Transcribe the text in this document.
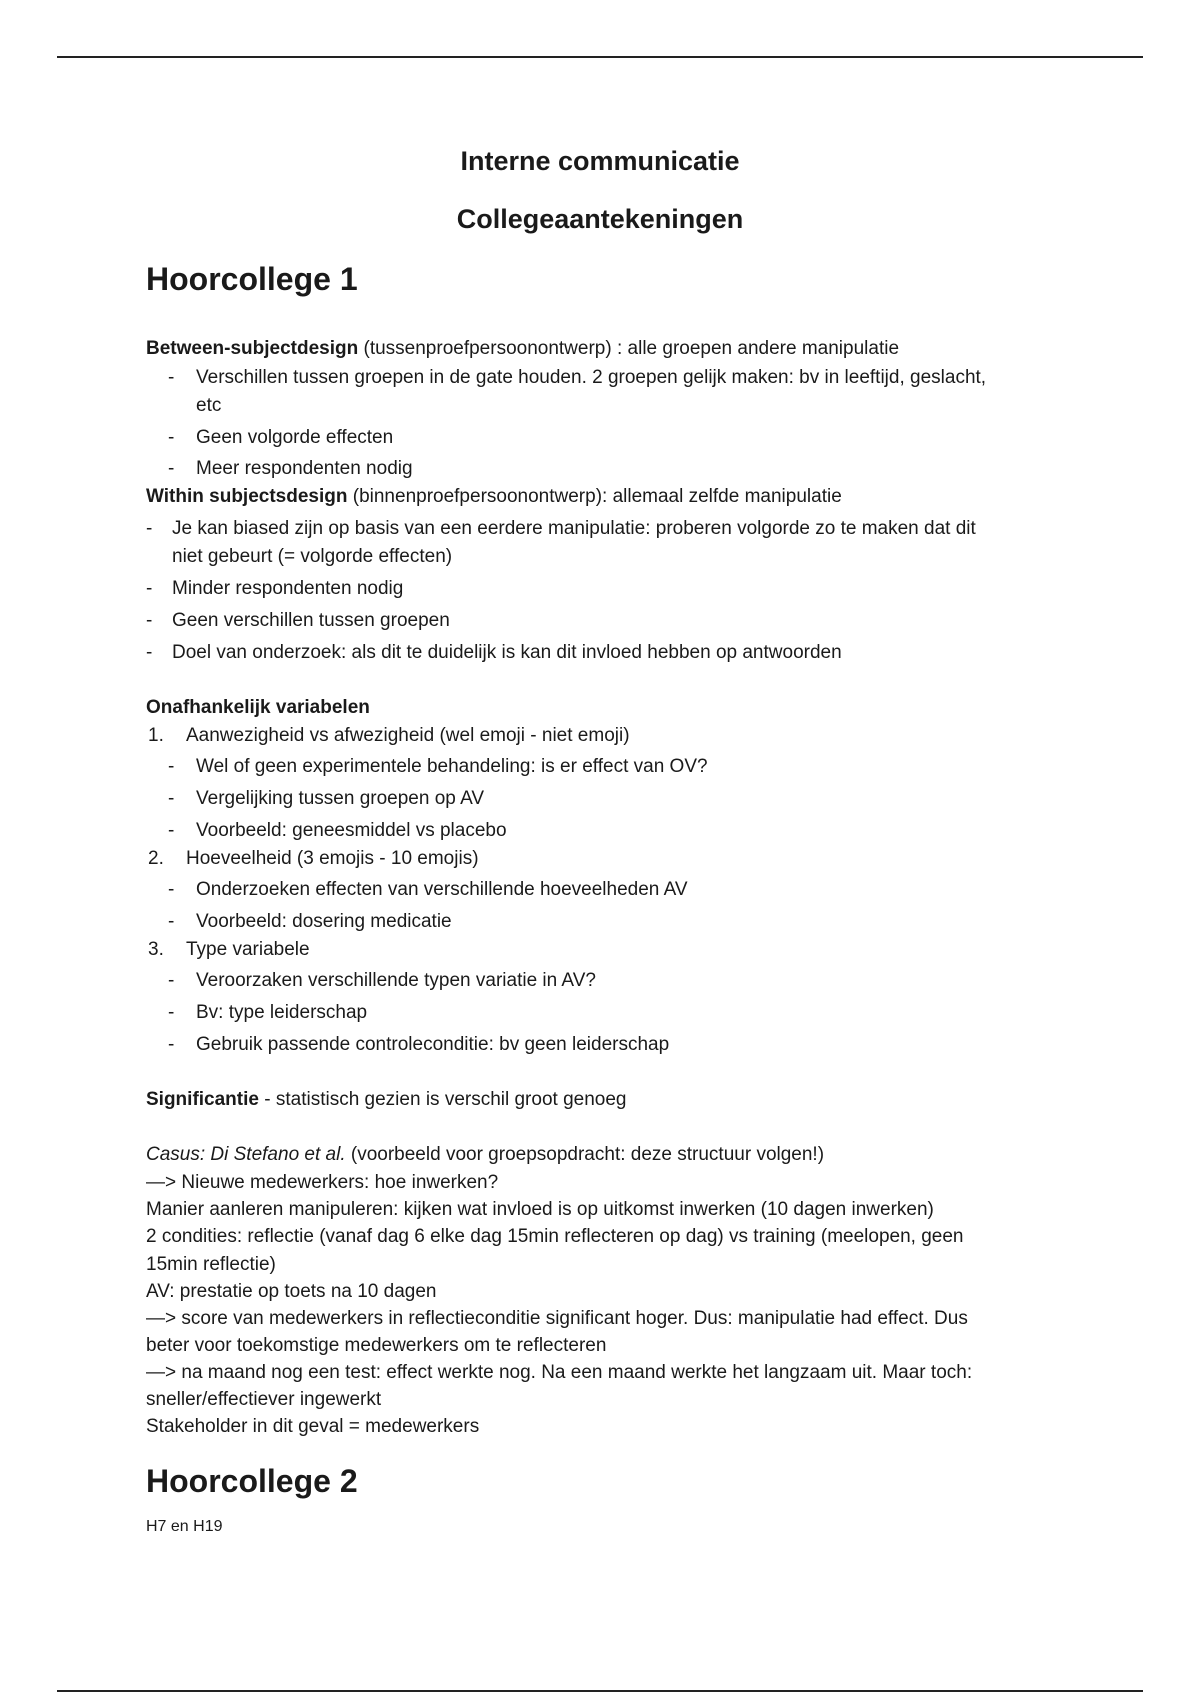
Interne communicatie
Collegeaantekeningen
Hoorcollege 1
Between-subjectdesign (tussenproefpersoonontwerp) : alle groepen andere manipulatie
- Verschillen tussen groepen in de gate houden. 2 groepen gelijk maken: bv in leeftijd, geslacht,
etc
- Geen volgorde effecten
- Meer respondenten nodig
Within subjectsdesign (binnenproefpersoonontwerp): allemaal zelfde manipulatie
- Je kan biased zijn op basis van een eerdere manipulatie: proberen volgorde zo te maken dat dit
niet gebeurt (= volgorde effecten)
- Minder respondenten nodig
- Geen verschillen tussen groepen
- Doel van onderzoek: als dit te duidelijk is kan dit invloed hebben op antwoorden
Onafhankelijk variabelen
1. Aanwezigheid vs afwezigheid (wel emoji - niet emoji)
- Wel of geen experimentele behandeling: is er effect van OV?
- Vergelijking tussen groepen op AV
- Voorbeeld: geneesmiddel vs placebo
2. Hoeveelheid (3 emojis - 10 emojis)
- Onderzoeken effecten van verschillende hoeveelheden AV
- Voorbeeld: dosering medicatie
3. Type variabele
- Veroorzaken verschillende typen variatie in AV?
- Bv: type leiderschap
- Gebruik passende controleconditie: bv geen leiderschap
Significantie - statistisch gezien is verschil groot genoeg
Casus: Di Stefano et al. (voorbeeld voor groepsopdracht: deze structuur volgen!)
—> Nieuwe medewerkers: hoe inwerken?
Manier aanleren manipuleren: kijken wat invloed is op uitkomst inwerken (10 dagen inwerken)
2 condities: reflectie (vanaf dag 6 elke dag 15min reflecteren op dag) vs training (meelopen, geen
15min reflectie)
AV: prestatie op toets na 10 dagen
—> score van medewerkers in reflectieconditie significant hoger. Dus: manipulatie had effect. Dus
beter voor toekomstige medewerkers om te reflecteren
—> na maand nog een test: effect werkte nog. Na een maand werkte het langzaam uit. Maar toch:
sneller/effectiever ingewerkt
Stakeholder in dit geval = medewerkers
Hoorcollege 2
H7 en H19
